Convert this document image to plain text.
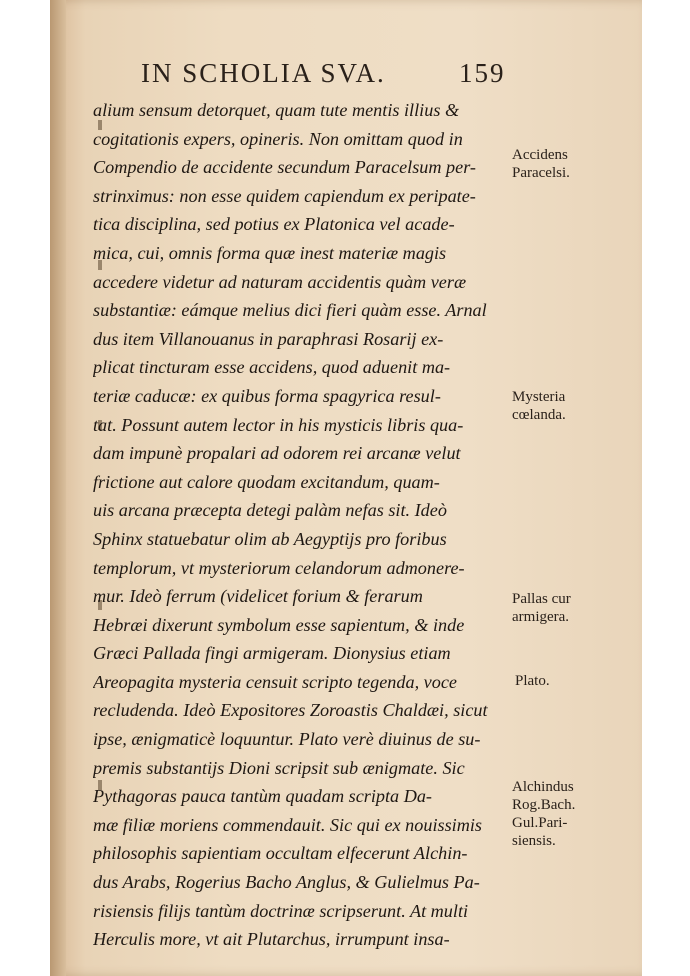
IN SCHOLIA SVA.	159
alium sensum detorquet, quam tute mentis illius &
cogitationis expers, opineris. Non omittam quod in
Compendio de accidente secundum Paracelsum per-
strinximus: non esse quidem capiendum ex peripate-
tica disciplina, sed potius ex Platonica vel acade-
mica, cui, omnis forma quæ inest materiæ magis
accedere videtur ad naturam accidentis quàm veræ
substantiæ: eámque melius dici fieri quàm esse. Arnal
dus item Villanouanus in paraphrasi Rosarij ex-
plicat tincturam esse accidens, quod aduenit ma-
teriæ caducæ: ex quibus forma spagyrica resul-
tat. Possunt autem lector in his mysticis libris qua-
dam impunè propalari ad odorem rei arcanæ velut
frictione aut calore quodam excitandum, quam-
uis arcana præcepta detegi palàm nefas sit. Ideò
Sphinx statuebatur olim ab Aegyptijs pro foribus
templorum, vt mysteriorum celandorum admonere-
mur. Ideò ferrum (videlicet forium & ferarum
Hebræi dixerunt symbolum esse sapientum, & inde
Græci Pallada fingi armigeram. Dionysius etiam
Areopagita mysteria censuit scripto tegenda, voce
recludenda. Ideò Expositores Zoroastis Chaldæi, sicut
ipse, ænigmaticè loquuntur. Plato verè diuinus de su-
premis substantijs Dioni scripsit sub ænigmate. Sic
Pythagoras pauca tantùm quadam scripta Da-
mæ filiæ moriens commendauit. Sic qui ex nouissimis
philosophis sapientiam occultam elfecerunt Alchin-
dus Arabs, Rogerius Bacho Anglus, & Gulielmus Pa-
risiensis filijs tantùm doctrinæ scripserunt. At multi
Herculis more, vt ait Plutarchus, irrumpunt insa-
Accidens
Paracelsi.
Mysteria
cœlanda.
Pallas cur
armigera.
Plato.
Alchindus
Rog.Bach.
Gul.Pari-
siensis.
